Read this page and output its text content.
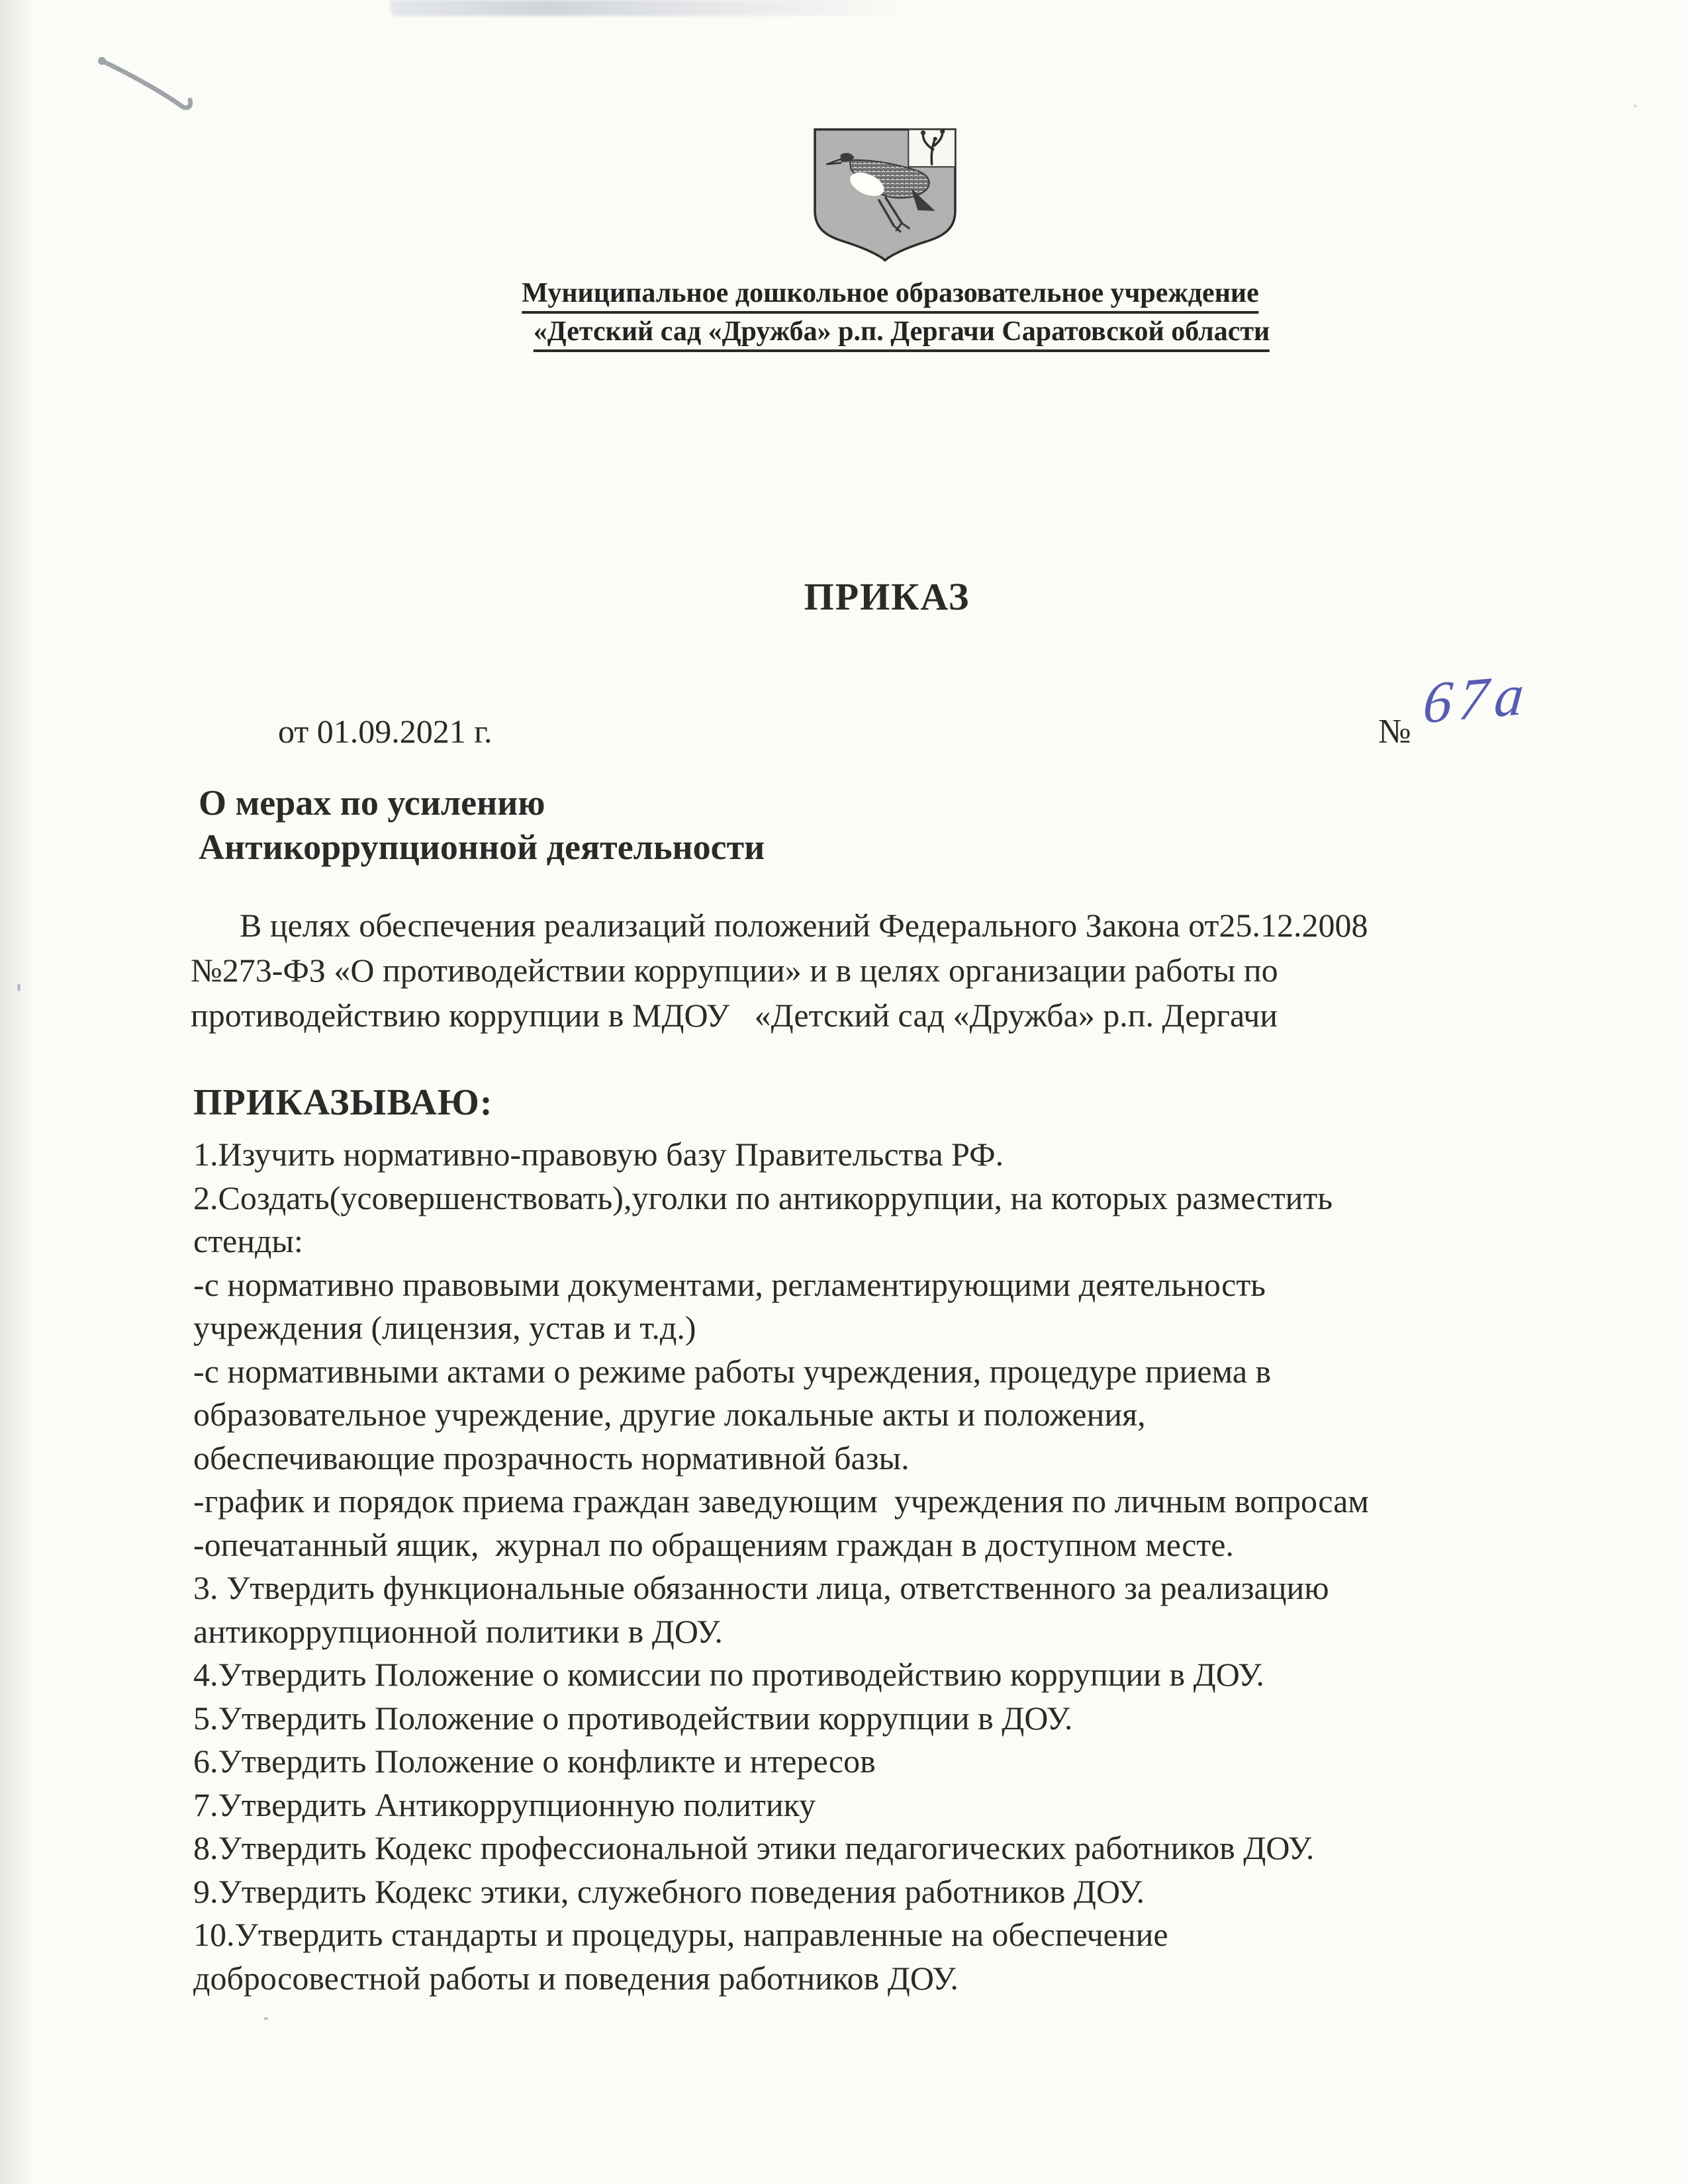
Муниципальное дошкольное образовательное учреждение
«Детский сад «Дружба» р.п. Дергачи Саратовской области
ПРИКАЗ
от 01.09.2021 г.	№ 67а
О мерах по усилению
Антикоррупционной деятельности
В целях обеспечения реализаций положений Федерального Закона от25.12.2008
№273-ФЗ «О противодействии коррупции» и в целях организации работы по
противодействию коррупции в МДОУ   «Детский сад «Дружба» р.п. Дергачи
ПРИКАЗЫВАЮ:
1.Изучить нормативно-правовую базу Правительства РФ.
2.Создать(усовершенствовать),уголки по антикоррупции, на которых разместить
стенды:
-с нормативно правовыми документами, регламентирующими деятельность
учреждения (лицензия, устав и т.д.)
-с нормативными актами о режиме работы учреждения, процедуре приема в
образовательное учреждение, другие локальные акты и положения,
обеспечивающие прозрачность нормативной базы.
-график и порядок приема граждан заведующим  учреждения по личным вопросам
-опечатанный ящик,  журнал по обращениям граждан в доступном месте.
3. Утвердить функциональные обязанности лица, ответственного за реализацию
антикоррупционной политики в ДОУ.
4.Утвердить Положение о комиссии по противодействию коррупции в ДОУ.
5.Утвердить Положение о противодействии коррупции в ДОУ.
6.Утвердить Положение о конфликте и нтересов
7.Утвердить Антикоррупционную политику
8.Утвердить Кодекс профессиональной этики педагогических работников ДОУ.
9.Утвердить Кодекс этики, служебного поведения работников ДОУ.
10.Утвердить стандарты и процедуры, направленные на обеспечение
добросовестной работы и поведения работников ДОУ.
